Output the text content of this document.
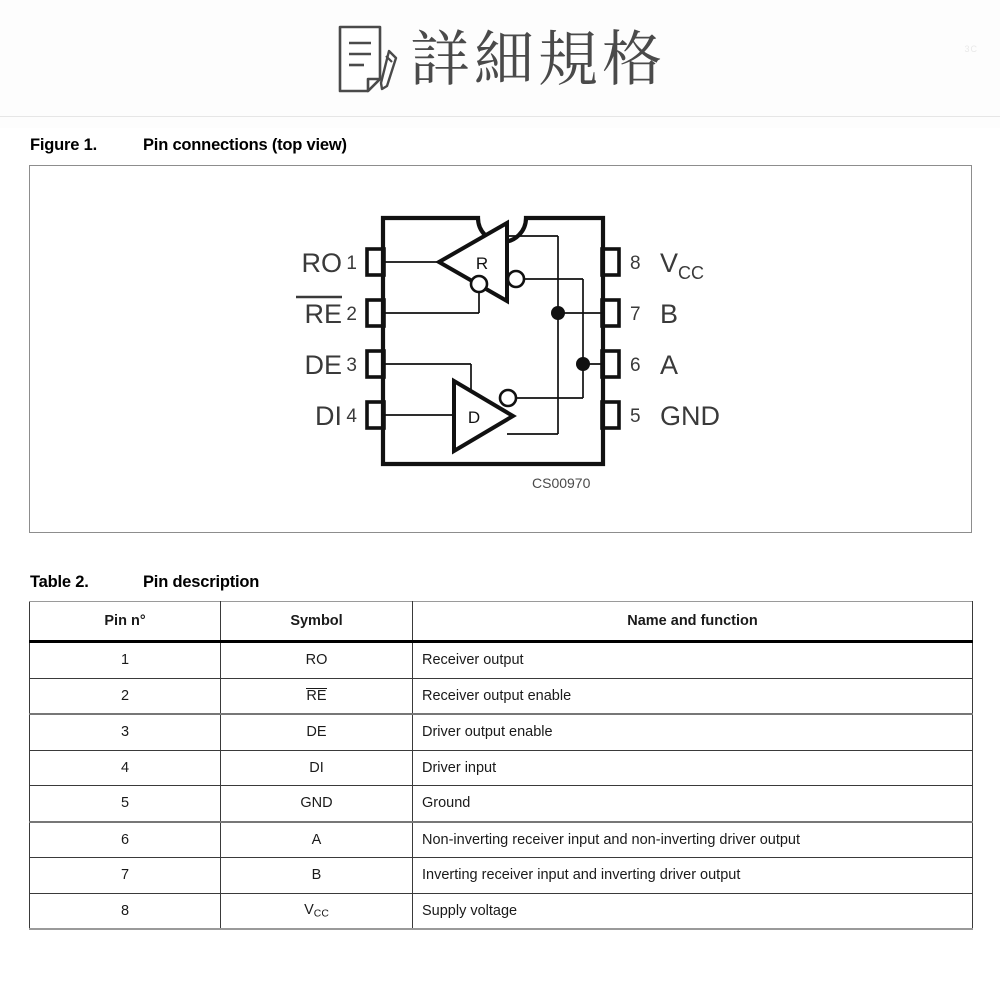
詳細規格	3C
Figure 1.	Pin connections (top view)
R
D
RO
RE
DE
DI
1
2
3
4
8
7
6
5
$V_{CC}$
B
A
GND
CS00970
Table 2.	Pin description
Pin n°	Symbol	Name and function
1	RO	Receiver output
2	RE	Receiver output enable
3	DE	Driver output enable
4	DI	Driver input
5	GND	Ground
6	A	Non-inverting receiver input and non-inverting driver output
7	B	Inverting receiver input and inverting driver output
8	$V_{CC}$	Supply voltage
